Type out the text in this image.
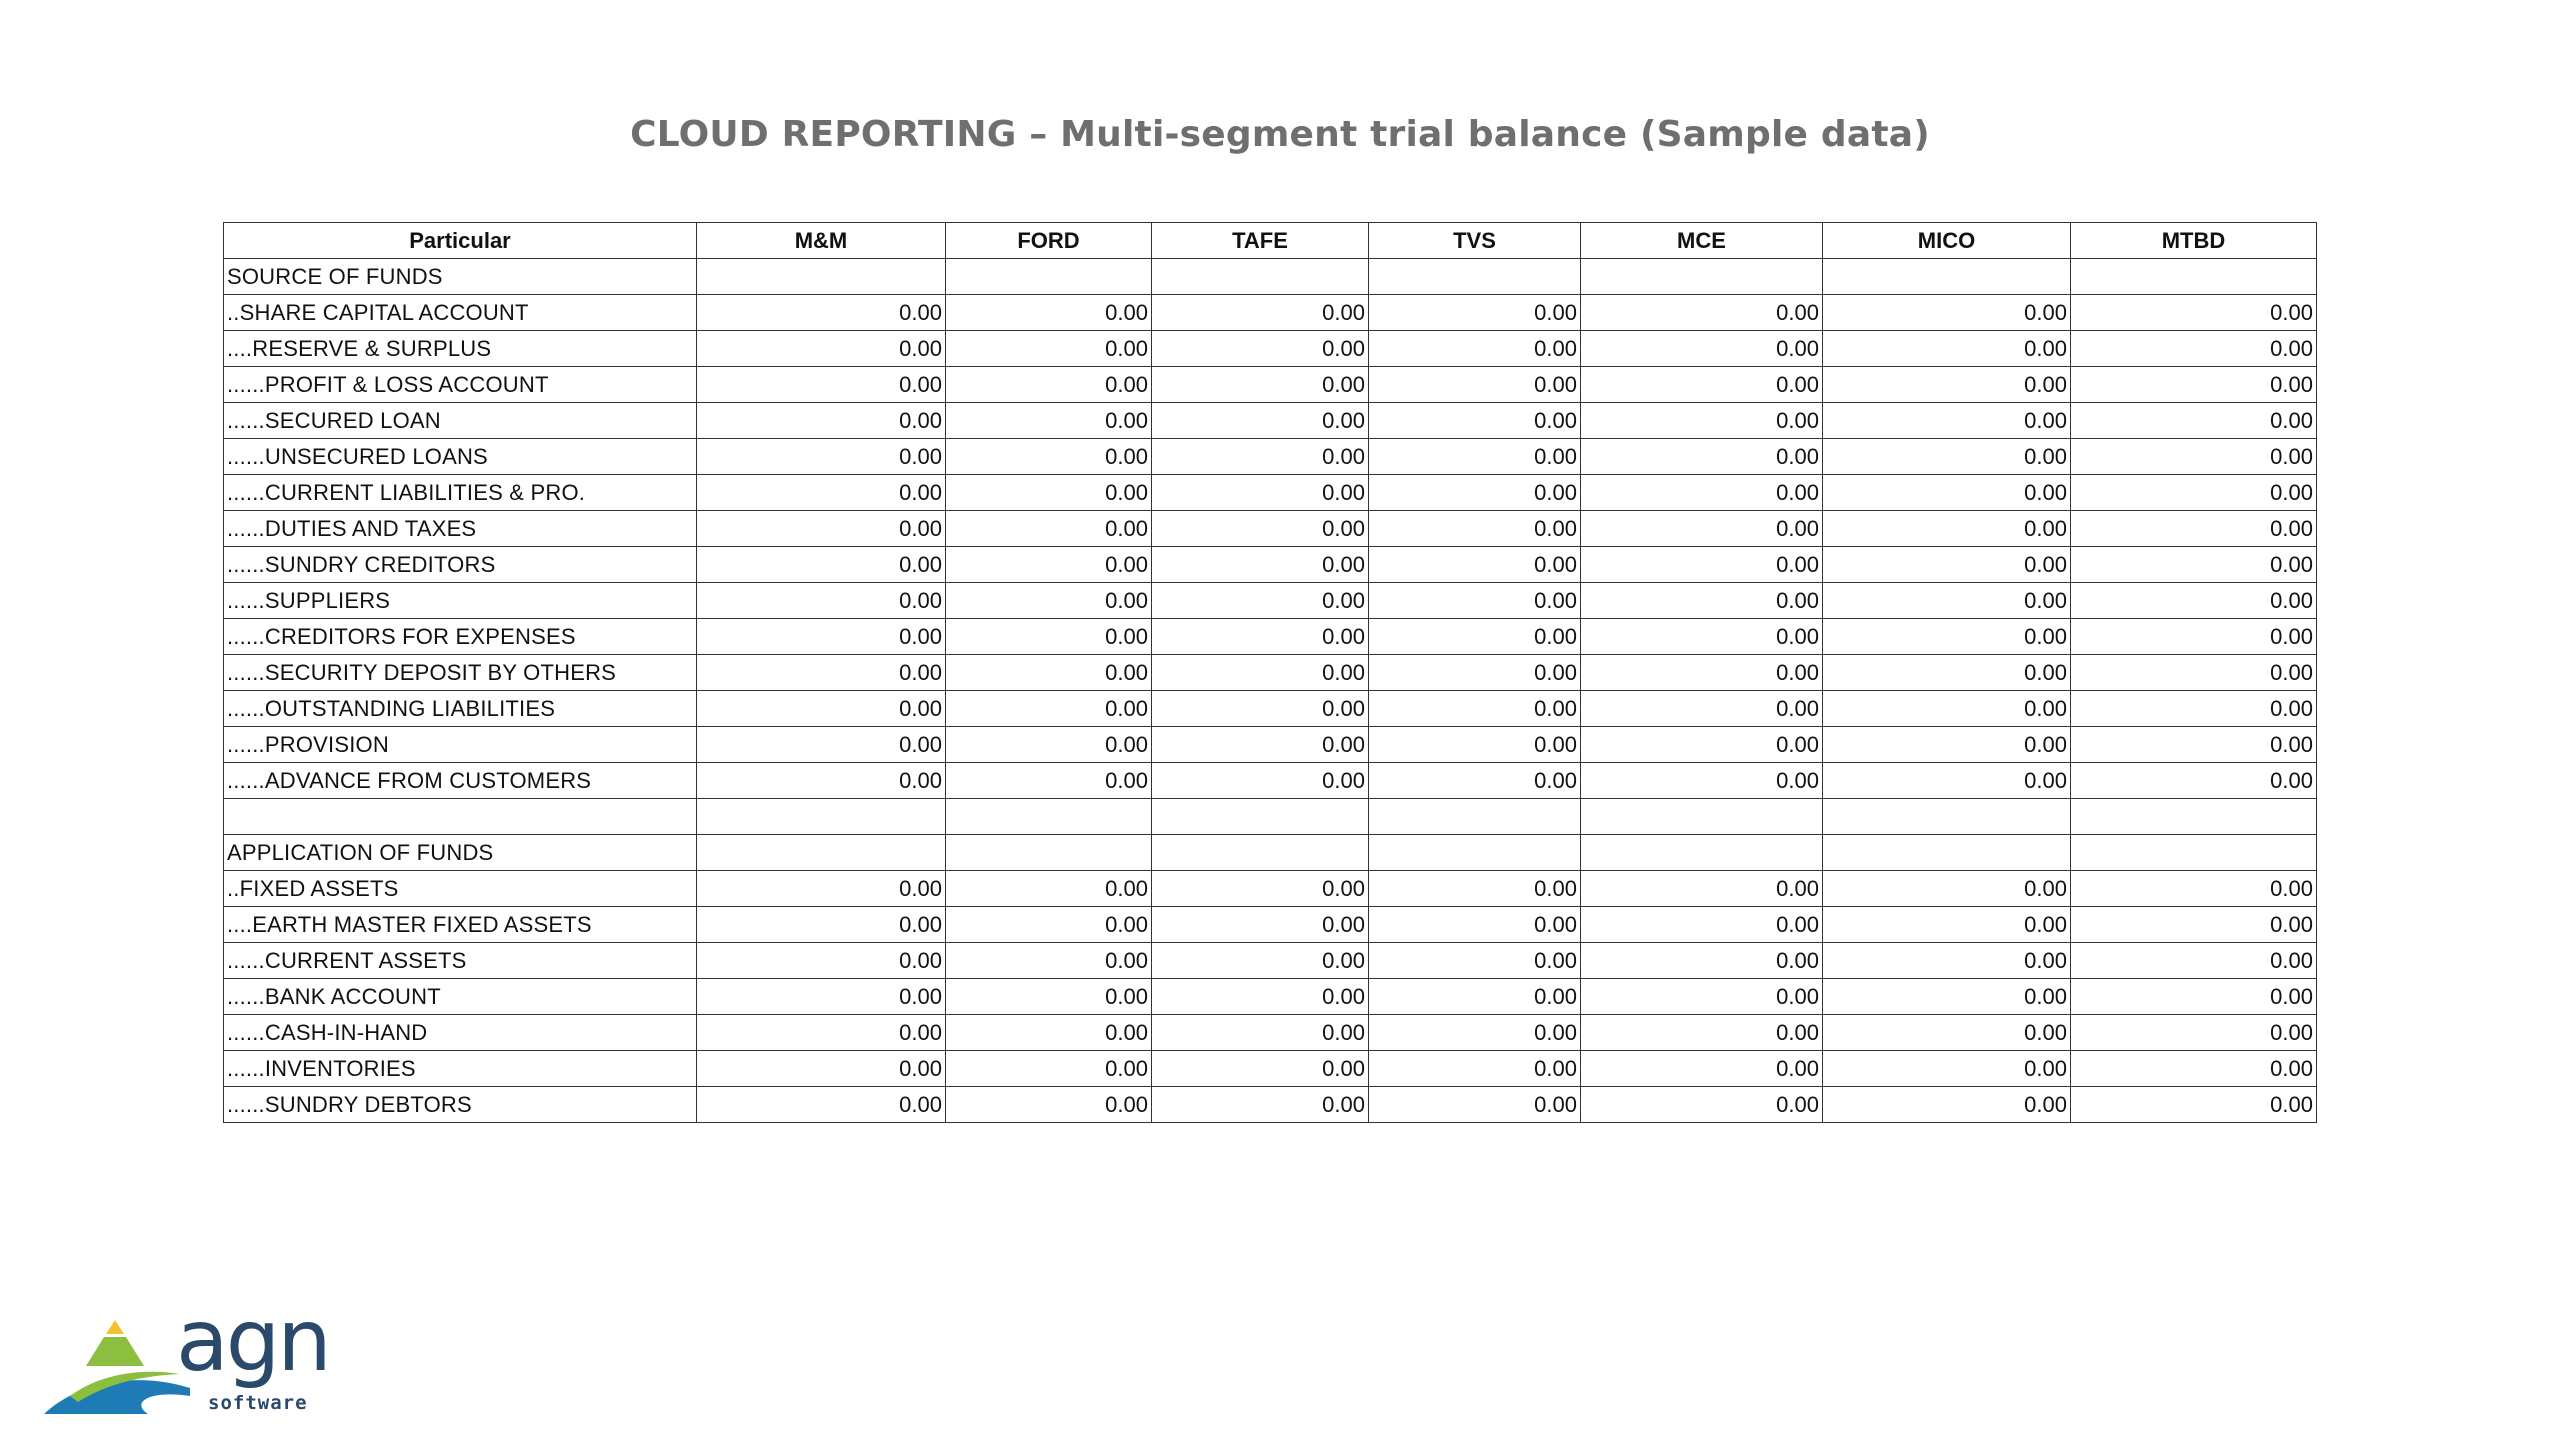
CLOUD REPORTING – Multi-segment trial balance (Sample data)
Particular	M&M	FORD	TAFE	TVS	MCE	MICO	MTBD
SOURCE OF FUNDS							
..SHARE CAPITAL ACCOUNT	0.00	0.00	0.00	0.00	0.00	0.00	0.00
....RESERVE & SURPLUS	0.00	0.00	0.00	0.00	0.00	0.00	0.00
......PROFIT & LOSS ACCOUNT	0.00	0.00	0.00	0.00	0.00	0.00	0.00
......SECURED LOAN	0.00	0.00	0.00	0.00	0.00	0.00	0.00
......UNSECURED LOANS	0.00	0.00	0.00	0.00	0.00	0.00	0.00
......CURRENT LIABILITIES & PRO.	0.00	0.00	0.00	0.00	0.00	0.00	0.00
......DUTIES AND TAXES	0.00	0.00	0.00	0.00	0.00	0.00	0.00
......SUNDRY CREDITORS	0.00	0.00	0.00	0.00	0.00	0.00	0.00
......SUPPLIERS	0.00	0.00	0.00	0.00	0.00	0.00	0.00
......CREDITORS FOR EXPENSES	0.00	0.00	0.00	0.00	0.00	0.00	0.00
......SECURITY DEPOSIT BY OTHERS	0.00	0.00	0.00	0.00	0.00	0.00	0.00
......OUTSTANDING LIABILITIES	0.00	0.00	0.00	0.00	0.00	0.00	0.00
......PROVISION	0.00	0.00	0.00	0.00	0.00	0.00	0.00
......ADVANCE FROM CUSTOMERS	0.00	0.00	0.00	0.00	0.00	0.00	0.00

APPLICATION OF FUNDS							
..FIXED ASSETS	0.00	0.00	0.00	0.00	0.00	0.00	0.00
....EARTH MASTER FIXED ASSETS	0.00	0.00	0.00	0.00	0.00	0.00	0.00
......CURRENT ASSETS	0.00	0.00	0.00	0.00	0.00	0.00	0.00
......BANK ACCOUNT	0.00	0.00	0.00	0.00	0.00	0.00	0.00
......CASH-IN-HAND	0.00	0.00	0.00	0.00	0.00	0.00	0.00
......INVENTORIES	0.00	0.00	0.00	0.00	0.00	0.00	0.00
......SUNDRY DEBTORS	0.00	0.00	0.00	0.00	0.00	0.00	0.00
agn
software
